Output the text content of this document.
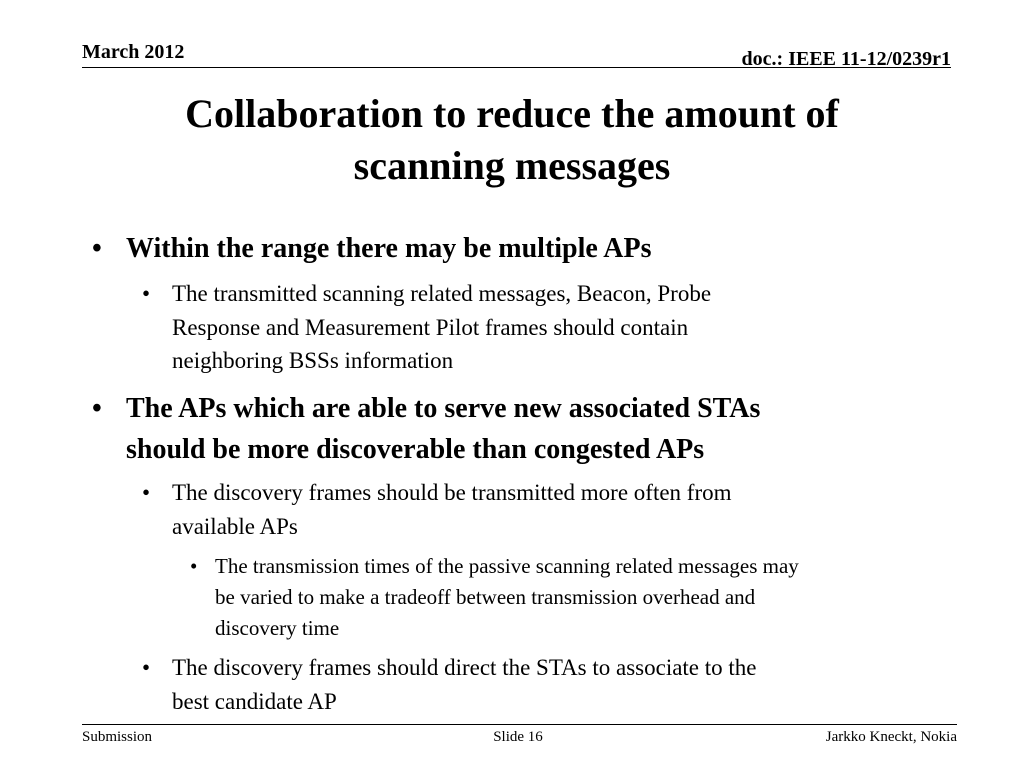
March 2012	doc.: IEEE 11-12/0239r1
Collaboration to reduce the amount of
scanning messages
• Within the range there may be multiple APs
• The transmitted scanning related messages, Beacon, Probe
Response and Measurement Pilot frames should contain
neighboring BSSs information
• The APs which are able to serve new associated STAs
should be more discoverable than congested APs
• The discovery frames should be transmitted more often from
available APs
• The transmission times of the passive scanning related messages may
be varied to make a tradeoff between transmission overhead and
discovery time
• The discovery frames should direct the STAs to associate to the
best candidate AP
Submission	Slide 16	Jarkko Kneckt, Nokia
